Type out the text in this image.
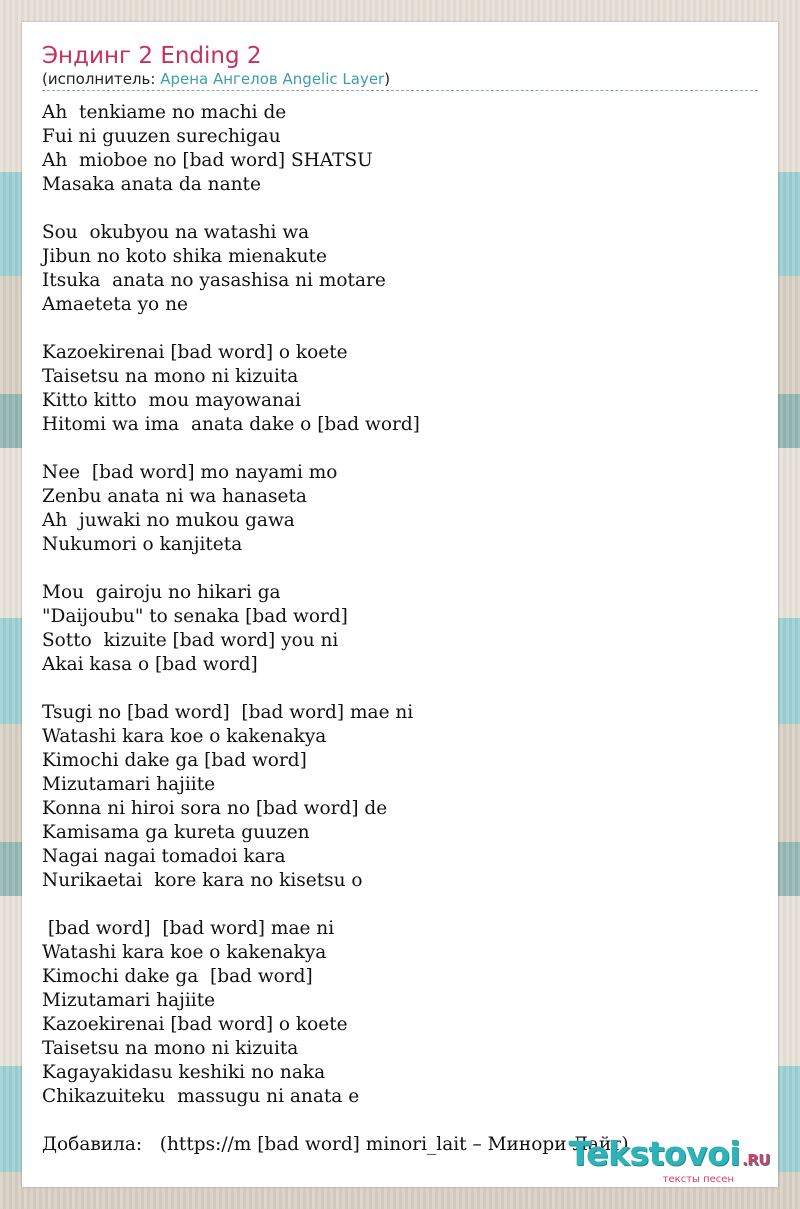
Эндинг 2 Ending 2
(исполнитель: Арена Ангелов Angelic Layer)
Ah  tenkiame no machi de
Fui ni guuzen surechigau
Ah  mioboe no [bad word] SHATSU
Masaka anata da nante
Sou  okubyou na watashi wa
Jibun no koto shika mienakute
Itsuka  anata no yasashisa ni motare
Amaeteta yo ne
Kazoekirenai [bad word] o koete
Taisetsu na mono ni kizuita
Kitto kitto  mou mayowanai
Hitomi wa ima  anata dake o [bad word]
Nee  [bad word] mo nayami mo
Zenbu anata ni wa hanaseta
Ah  juwaki no mukou gawa
Nukumori o kanjiteta
Mou  gairoju no hikari ga
"Daijoubu" to senaka [bad word]
Sotto  kizuite [bad word] you ni
Akai kasa o [bad word]
Tsugi no [bad word]  [bad word] mae ni
Watashi kara koe o kakenakya
Kimochi dake ga [bad word]
Mizutamari hajiite
Konna ni hiroi sora no [bad word] de
Kamisama ga kureta guuzen
Nagai nagai tomadoi kara
Nurikaetai  kore kara no kisetsu o
[bad word]  [bad word] mae ni
Watashi kara koe o kakenakya
Kimochi dake ga  [bad word]
Mizutamari hajiite
Kazoekirenai [bad word] o koete
Taisetsu na mono ni kizuita
Kagayakidasu keshiki no naka
Chikazuiteku  massugu ni anata e
Добавила:   (https://m [bad word] minori_lait – Минори Лайт)
Tekstovoi .RU
тексты песен
